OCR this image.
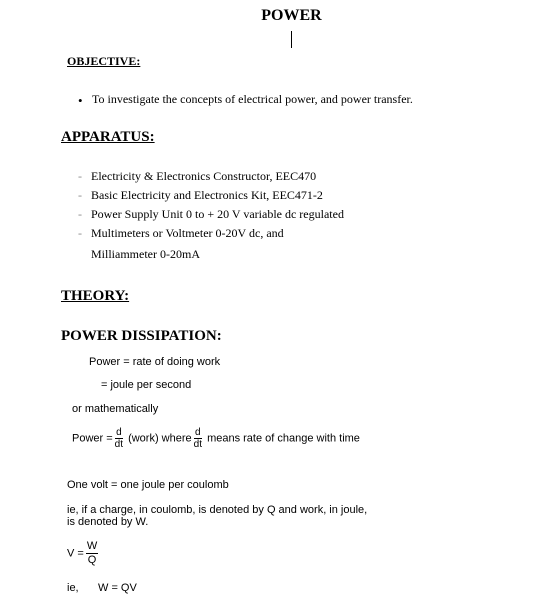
POWER
OBJECTIVE:
• To investigate the concepts of electrical power, and power transfer.
APPARATUS:
- Electricity & Electronics Constructor, EEC470
- Basic Electricity and Electronics Kit, EEC471-2
- Power Supply Unit 0 to + 20 V variable dc regulated
- Multimeters or Voltmeter 0-20V dc, and
Milliammeter 0-20mA
THEORY:
POWER DISSIPATION:
Power = rate of doing work
= joule per second
or mathematically
Power = $\frac{d}{dt}$ (work) where $\frac{d}{dt}$ means rate of change with time
One volt = one joule per coulomb
ie, if a charge, in coulomb, is denoted by Q and work, in joule,
is denoted by W.
$V = \frac{W}{Q}$
ie, W = QV
